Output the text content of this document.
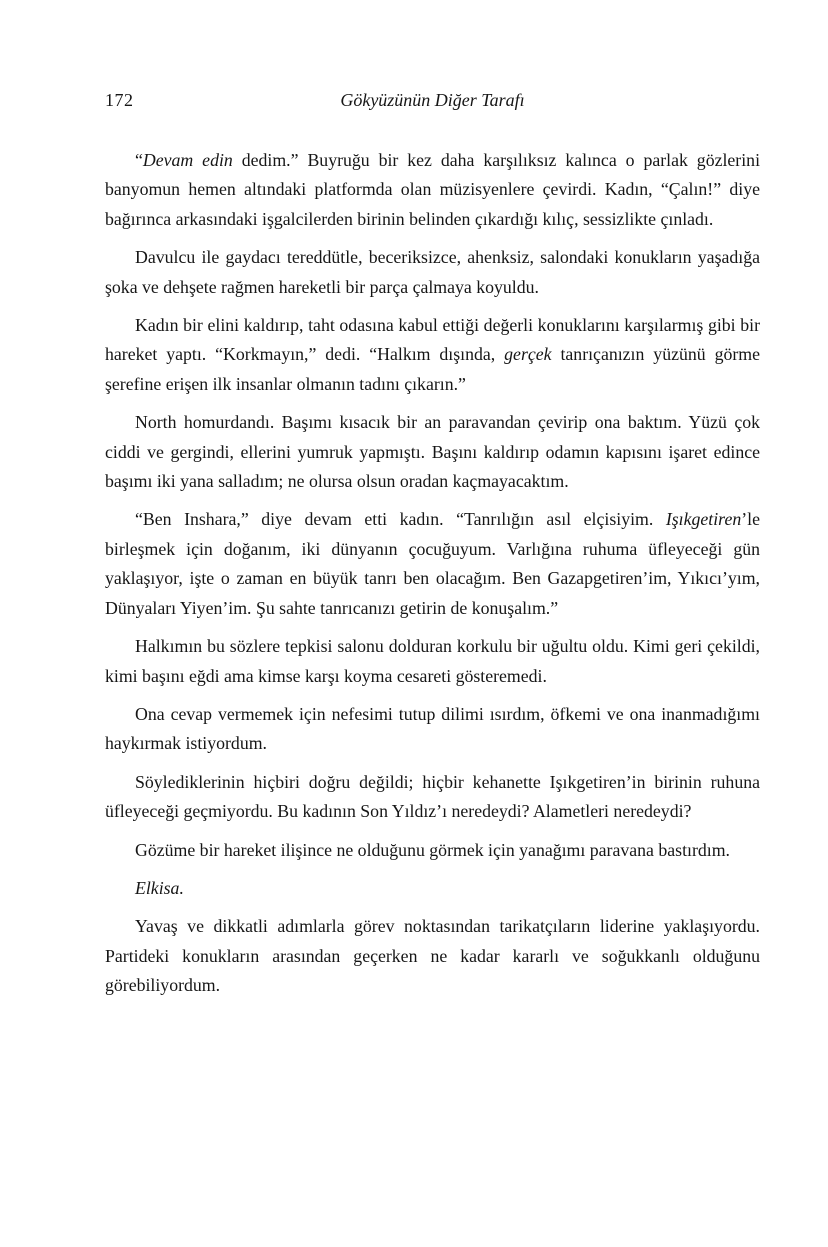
172	Gökyüzünün Diğer Tarafı

“Devam edin dedim.” Buyruğu bir kez daha karşılıksız kalınca o parlak gözlerini banyomun hemen altındaki platformda olan müzisyenlere çevirdi. Kadın, “Çalın!” diye bağırınca arkasındaki işgalcilerden birinin belinden çıkardığı kılıç, sessizlikte çınladı.

Davulcu ile gaydacı tereddütle, beceriksizce, ahenksiz, salondaki konukların yaşadığa şoka ve dehşete rağmen hareketli bir parça çalmaya koyuldu.

Kadın bir elini kaldırıp, taht odasına kabul ettiği değerli konuklarını karşılarmış gibi bir hareket yaptı. “Korkmayın,” dedi. “Halkım dışında, gerçek tanrıçanızın yüzünü görme şerefine erişen ilk insanlar olmanın tadını çıkarın.”

North homurdandı. Başımı kısacık bir an paravandan çevirip ona baktım. Yüzü çok ciddi ve gergindi, ellerini yumruk yapmıştı. Başını kaldırıp odamın kapısını işaret edince başımı iki yana salladım; ne olursa olsun oradan kaçmayacaktım.

“Ben Inshara,” diye devam etti kadın. “Tanrılığın asıl elçisiyim. Işıkgetiren’le birleşmek için doğanım, iki dünyanın çocuğuyum. Varlığına ruhuma üfleyeceği gün yaklaşıyor, işte o zaman en büyük tanrı ben olacağım. Ben Gazapgetiren’im, Yıkıcı’yım, Dünyaları Yiyen’im. Şu sahte tanrıcanızı getirin de konuşalım.”

Halkımın bu sözlere tepkisi salonu dolduran korkulu bir uğultu oldu. Kimi geri çekildi, kimi başını eğdi ama kimse karşı koyma cesareti gösteremedi.

Ona cevap vermemek için nefesimi tutup dilimi ısırdım, öfkemi ve ona inanmadığımı haykırmak istiyordum.

Söylediklerinin hiçbiri doğru değildi; hiçbir kehanette Işıkgetiren’in birinin ruhuna üfleyeceği geçmiyordu. Bu kadının Son Yıldız’ı neredeydi? Alametleri neredeydi?

Gözüme bir hareket ilişince ne olduğunu görmek için yanağımı paravana bastırdım.

Elkisa.

Yavaş ve dikkatli adımlarla görev noktasından tarikatçıların liderine yaklaşıyordu. Partideki konukların arasından geçerken ne kadar kararlı ve soğukkanlı olduğunu görebiliyordum.
